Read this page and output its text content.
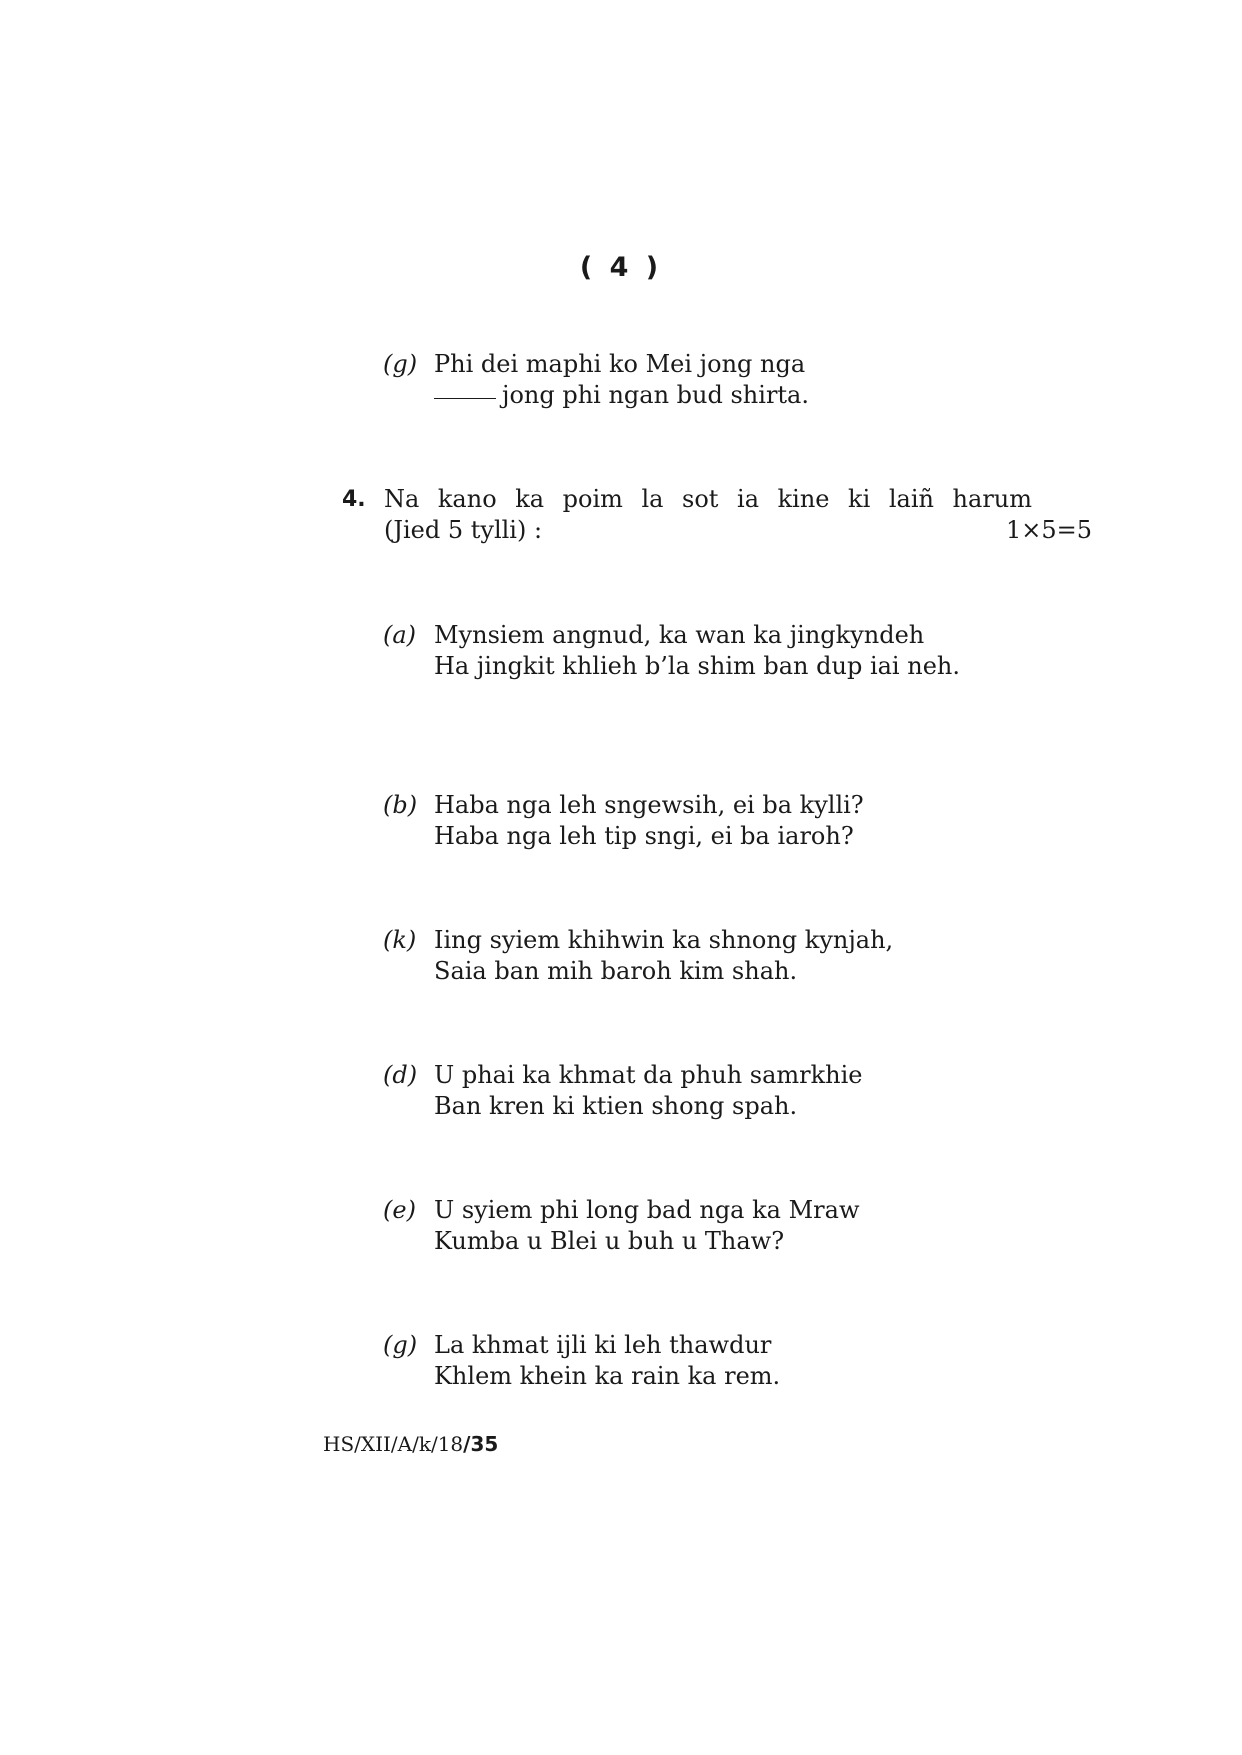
( 4 )
(g) Phi dei maphi ko Mei jong nga
jong phi ngan bud shirta.
4. Na kano ka poim la sot ia kine ki laiñ harum
(Jied 5 tylli) :	1×5=5
(a) Mynsiem angnud, ka wan ka jingkyndeh
Ha jingkit khlieh b’la shim ban dup iai neh.
(b) Haba nga leh sngewsih, ei ba kylli?
Haba nga leh tip sngi, ei ba iaroh?
(k) Iing syiem khihwin ka shnong kynjah,
Saia ban mih baroh kim shah.
(d) U phai ka khmat da phuh samrkhie
Ban kren ki ktien shong spah.
(e) U syiem phi long bad nga ka Mraw
Kumba u Blei u buh u Thaw?
(g) La khmat ijli ki leh thawdur
Khlem khein ka rain ka rem.
HS/XII/A/k/18/35
